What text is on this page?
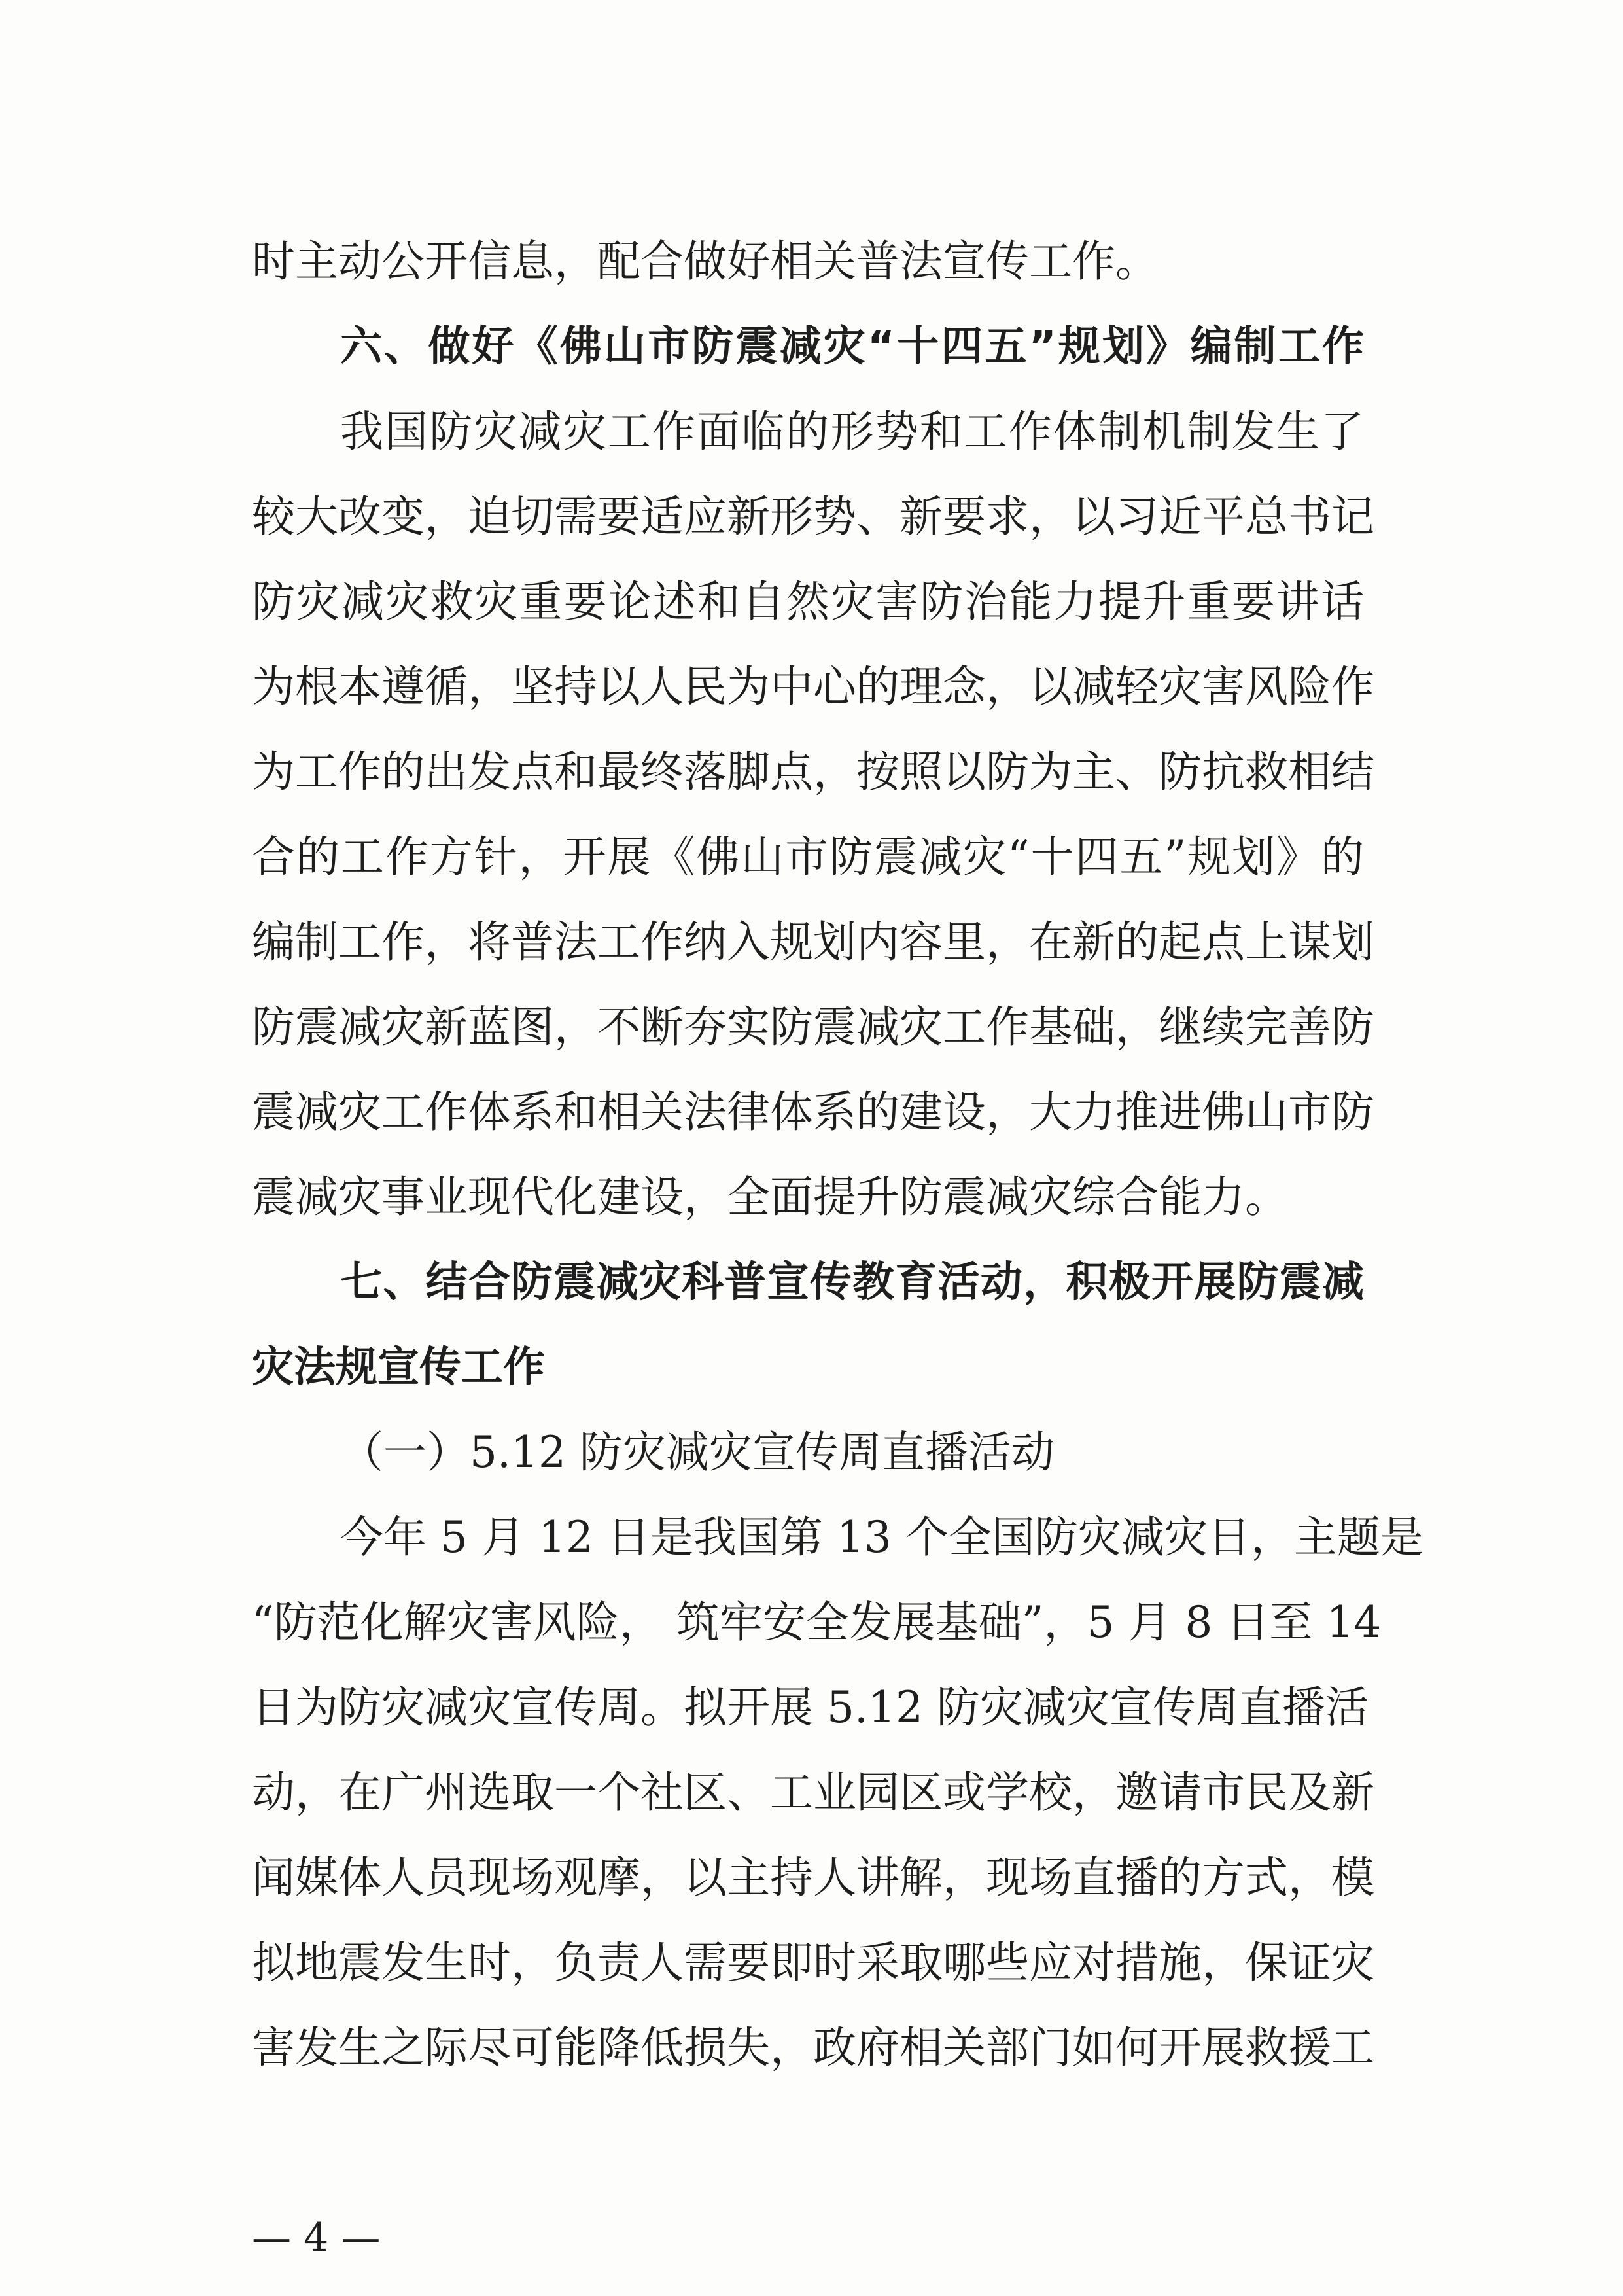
时主动公开信息，配合做好相关普法宣传工作。
六、做好《佛山市防震减灾“十四五”规划》编制工作
我国防灾减灾工作面临的形势和工作体制机制发生了
较大改变，迫切需要适应新形势、新要求，以习近平总书记
防灾减灾救灾重要论述和自然灾害防治能力提升重要讲话
为根本遵循，坚持以人民为中心的理念，以减轻灾害风险作
为工作的出发点和最终落脚点，按照以防为主、防抗救相结
合的工作方针，开展《佛山市防震减灾“十四五”规划》的
编制工作，将普法工作纳入规划内容里，在新的起点上谋划
防震减灾新蓝图，不断夯实防震减灾工作基础，继续完善防
震减灾工作体系和相关法律体系的建设，大力推进佛山市防
震减灾事业现代化建设，全面提升防震减灾综合能力。
七、结合防震减灾科普宣传教育活动，积极开展防震减
灾法规宣传工作
（一）5.12 防灾减灾宣传周直播活动
今年 5 月 12 日是我国第 13 个全国防灾减灾日，主题是
“防范化解灾害风险， 筑牢安全发展基础”，5 月 8 日至 14
日为防灾减灾宣传周。拟开展 5.12 防灾减灾宣传周直播活
动，在广州选取一个社区、工业园区或学校，邀请市民及新
闻媒体人员现场观摩，以主持人讲解，现场直播的方式，模
拟地震发生时，负责人需要即时采取哪些应对措施，保证灾
害发生之际尽可能降低损失，政府相关部门如何开展救援工
— 4 —
